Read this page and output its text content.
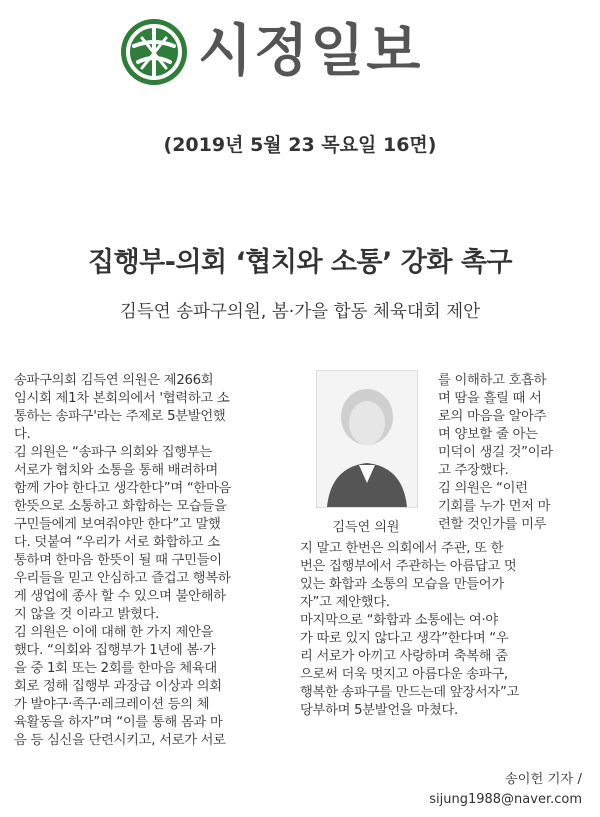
시정일보
(2019년 5월 23 목요일 16면)
집행부-의회 ‘협치와 소통’ 강화 촉구
김득연 송파구의원, 봄·가을 합동 체육대회 제안
송파구의회 김득연 의원은 제266회
임시회 제1차 본회의에서 '협력하고 소
통하는 송파구'라는 주제로 5분발언했
다.
김 의원은 “송파구 의회와 집행부는
서로가 협치와 소통을 통해 배려하며
함께 가야 한다고 생각한다”며 “한마음
한뜻으로 소통하고 화합하는 모습들을
구민들에게 보여줘야만 한다”고 말했
다. 덧붙여 “우리가 서로 화합하고 소
통하며 한마음 한뜻이 될 때 구민들이
우리들을 믿고 안심하고 즐겁고 행복하
게 생업에 종사 할 수 있으며 불안해하
지 않을 것 이라고 밝혔다.
김 의원은 이에 대해 한 가지 제안을
했다. “의회와 집행부가 1년에 봄·가
을 중 1회 또는 2회를 한마음 체육대
회로 정해 집행부 과장급 이상과 의회
가 발야구·족구·레크레이션 등의 체
육활동을 하자”며 “이를 통해 몸과 마
음 등 심신을 단련시키고, 서로가 서로
김득연 의원
를 이해하고 호흡하
며 땀을 흘릴 때 서
로의 마음을 알아주
며 양보할 줄 아는
미덕이 생길 것”이라
고 주장했다.
김 의원은 “이런
기회를 누가 먼저 마
련할 것인가를 미루
지 말고 한번은 의회에서 주관, 또 한
번은 집행부에서 주관하는 아름답고 멋
있는 화합과 소통의 모습을 만들어가
자”고 제안했다.
마지막으로 “화합과 소통에는 여·야
가 따로 있지 않다고 생각”한다며 “우
리 서로가 아끼고 사랑하며 축복해 줌
으로써 더욱 멋지고 아름다운 송파구,
행복한 송파구를 만드는데 앞장서자”고
당부하며 5분발언을 마쳤다.
송이헌 기자 /
sijung1988@naver.com
